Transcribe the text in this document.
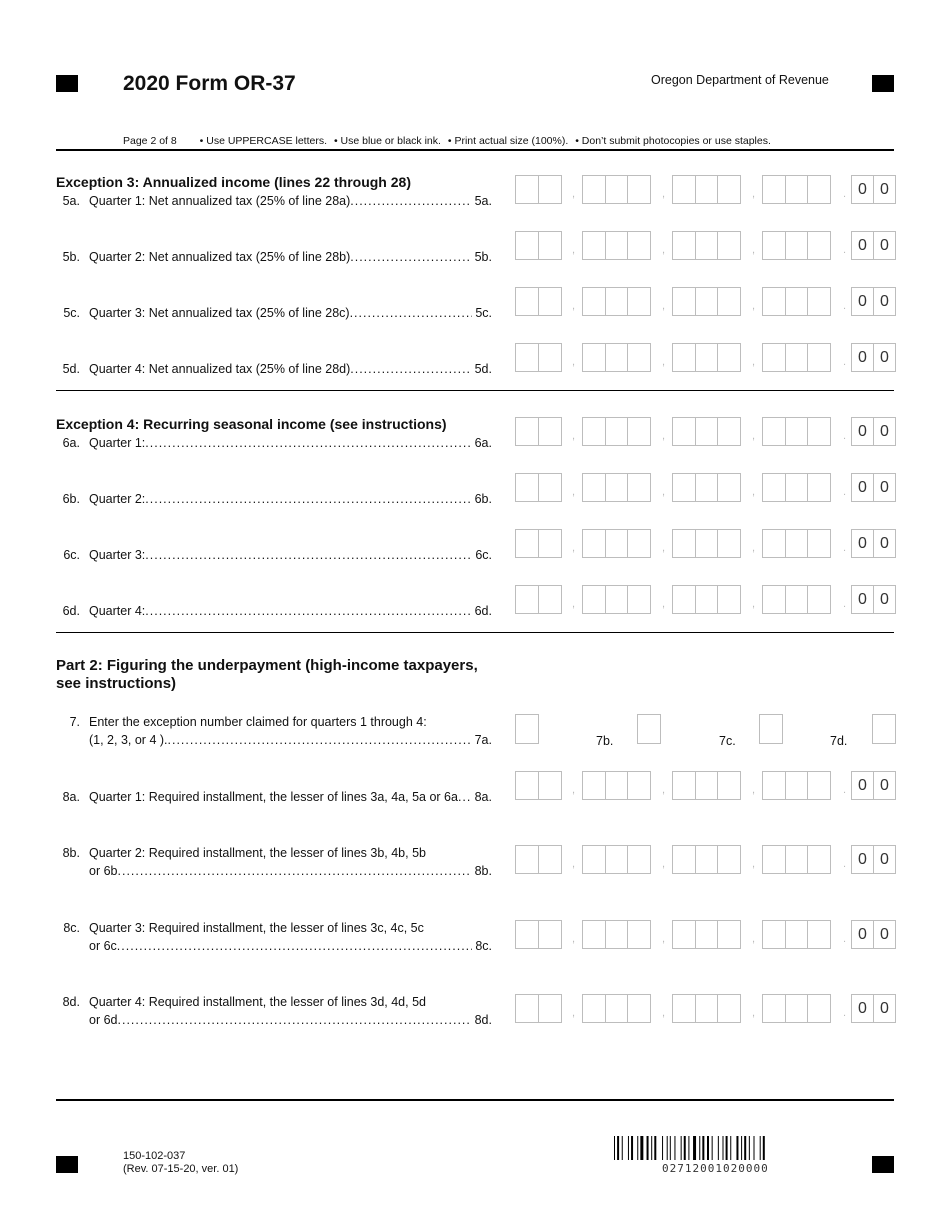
2020 Form OR-37	Oregon Department of Revenue
Page 2 of 8 • Use UPPERCASE letters. • Use blue or black ink. • Print actual size (100%). • Don’t submit photocopies or use staples.
Exception 3: Annualized income (lines 22 through 28)
5a. Quarter 1: Net annualized tax (25% of line 28a) .....	5a.	,	,	,	. 0 0
5b. Quarter 2: Net annualized tax (25% of line 28b) .....	5b.	,	,	,	. 0 0
5c. Quarter 3: Net annualized tax (25% of line 28c) .....	5c.	,	,	,	. 0 0
5d. Quarter 4: Net annualized tax (25% of line 28d) .....	5d.	,	,	,	. 0 0
Exception 4: Recurring seasonal income (see instructions)
6a. Quarter 1: .....	6a.	,	,	,	. 0 0
6b. Quarter 2: .....	6b.	,	,	,	. 0 0
6c. Quarter 3: .....	6c.	,	,	,	. 0 0
6d. Quarter 4: .....	6d.	,	,	,	. 0 0
Part 2: Figuring the underpayment (high-income taxpayers,
see instructions)
7. Enter the exception number claimed for quarters 1 through 4:
(1, 2, 3, or 4 ). .....	7a.	7b.	7c.	7d.
8a. Quarter 1: Required installment, the lesser of lines 3a, 4a, 5a or 6a ..... 8a.	,	,	,	. 0 0
8b. Quarter 2: Required installment, the lesser of lines 3b, 4b, 5b
or 6b .....	8b.	,	,	,	. 0 0
8c. Quarter 3: Required installment, the lesser of lines 3c, 4c, 5c
or 6c .....	8c.	,	,	,	. 0 0
8d. Quarter 4: Required installment, the lesser of lines 3d, 4d, 5d
or 6d .....	8d.	,	,	,	. 0 0
150-102-037
(Rev. 07-15-20, ver. 01)	02712001020000
